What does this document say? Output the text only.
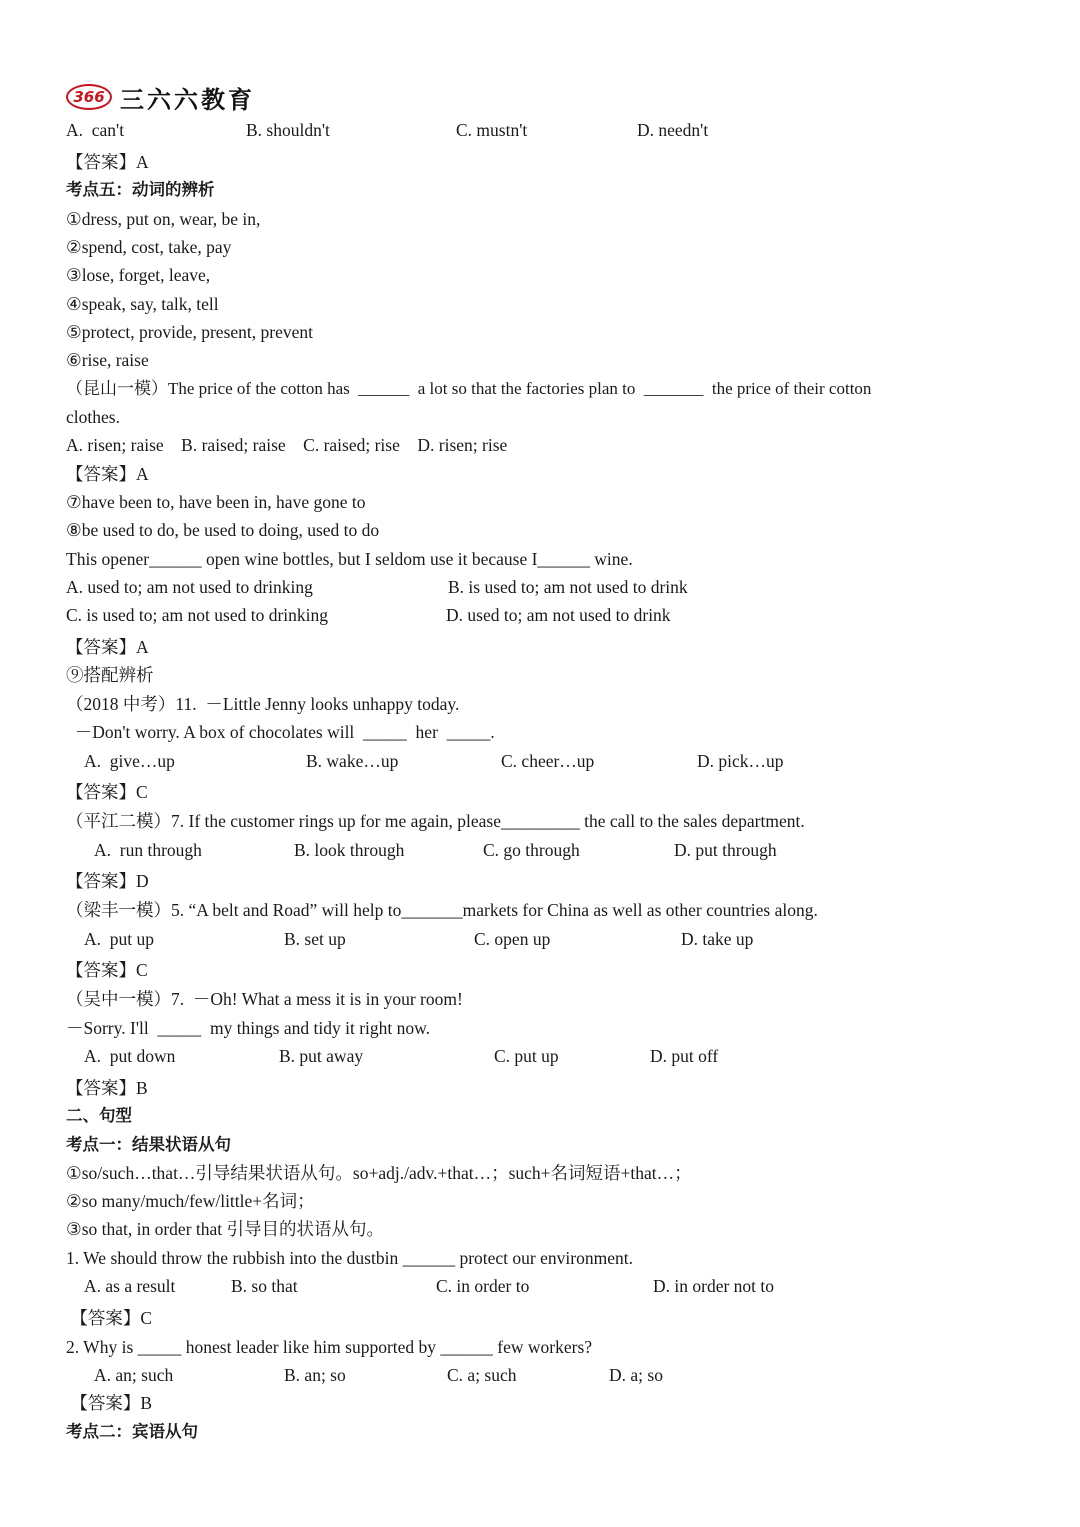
366 三六六教育
A.  can't	B. shouldn't	C. mustn't	D. needn't
【答案】A
考点五：动词的辨析
①dress, put on, wear, be in,
②spend, cost, take, pay
③lose, forget, leave,
④speak, say, talk, tell
⑤protect, provide, present, prevent
⑥rise, raise
（昆山一模）The price of the cotton has  ______  a lot so that the factories plan to  _______  the price of their cotton
clothes.
A. risen; raise    B. raised; raise    C. raised; rise    D. risen; rise
【答案】A
⑦have been to, have been in, have gone to
⑧be used to do, be used to doing, used to do
This opener______ open wine bottles, but I seldom use it because I______ wine.
A. used to; am not used to drinking	B. is used to; am not used to drink
C. is used to; am not used to drinking	D. used to; am not used to drink
【答案】A
⑨搭配辨析
（2018 中考）11.  －Little Jenny looks unhappy today.
－Don't worry. A box of chocolates will  _____  her  _____.
A.  give…up	B. wake…up	C. cheer…up	D. pick…up
【答案】C
（平江二模）7. If the customer rings up for me again, please_________ the call to the sales department.
A.  run through	B. look through	C. go through	D. put through
【答案】D
（梁丰一模）5. “A belt and Road” will help to_______markets for China as well as other countries along.
A.  put up	B. set up	C. open up	D. take up
【答案】C
（吴中一模）7.  －Oh! What a mess it is in your room!
－Sorry. I'll  _____  my things and tidy it right now.
A.  put down	B. put away	C. put up	D. put off
【答案】B
二、句型
考点一：结果状语从句
①so/such…that…引导结果状语从句。so+adj./adv.+that…；such+名词短语+that…；
②so many/much/few/little+名词；
③so that, in order that 引导目的状语从句。
1. We should throw the rubbish into the dustbin ______ protect our environment.
A. as a result	B. so that	C. in order to	D. in order not to
【答案】C
2. Why is _____ honest leader like him supported by ______ few workers?
A. an; such	B. an; so	C. a; such	D. a; so
【答案】B
考点二：宾语从句
